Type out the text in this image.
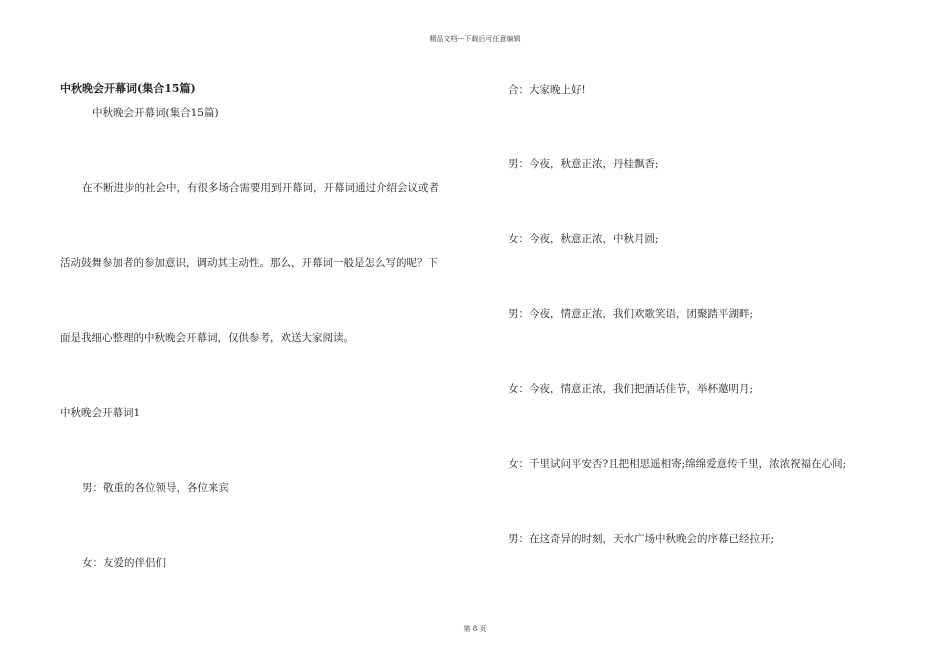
精品文档---下载后可任意编辑
中秋晚会开幕词(集合15篇)
中秋晚会开幕词(集合15篇)
在不断进步的社会中，有很多场合需要用到开幕词，开幕词通过介绍会议或者
活动鼓舞参加者的参加意识，调动其主动性。那么，开幕词一般是怎么写的呢？下
面是我细心整理的中秋晚会开幕词，仅供参考，欢送大家阅读。
中秋晚会开幕词1
男：敬重的各位领导，各位来宾
女：友爱的伴侣们
合：大家晚上好!
男：今夜，秋意正浓，丹桂飘香;
女：今夜，秋意正浓，中秋月圆;
男：今夜，情意正浓，我们欢歌笑语，团聚踏平湖畔;
女：今夜，情意正浓，我们把酒话佳节，举杯邀明月;
女：千里试问平安否?且把相思遥相寄;绵绵爱意传千里，浓浓祝福在心间;
男：在这奇异的时刻，天水广场中秋晚会的序幕已经拉开;
第 8 页
